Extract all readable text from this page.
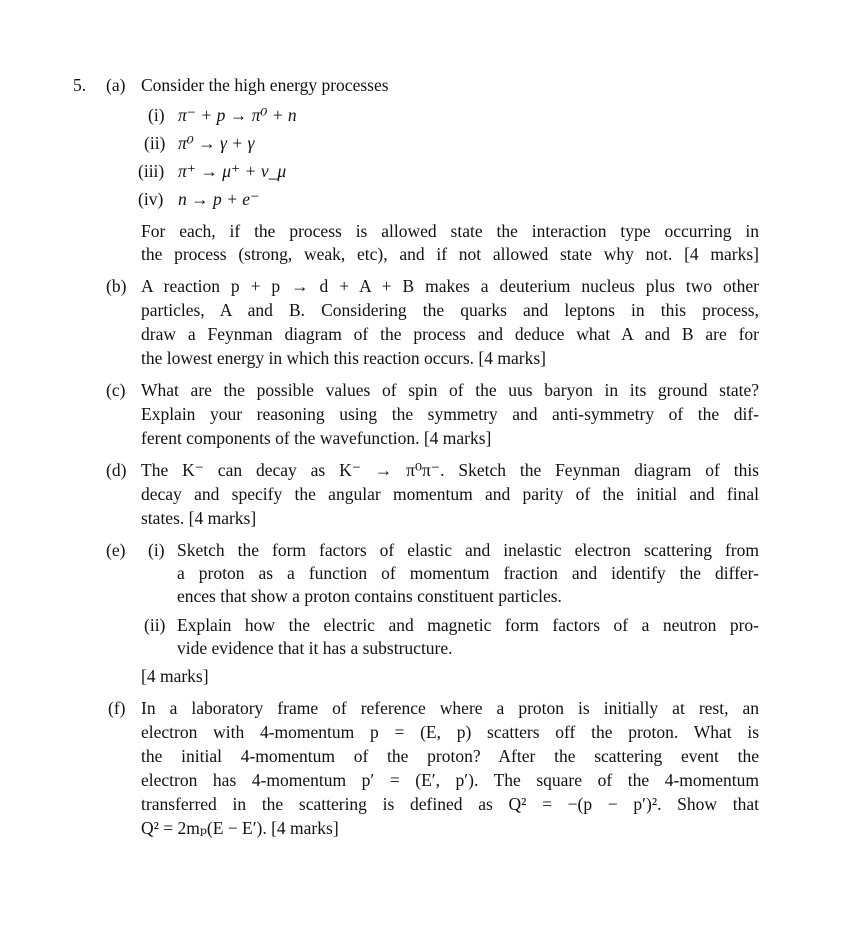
5. (a) Consider the high energy processes
(i) π⁻ + p → π⁰ + n
(ii) π⁰ → γ + γ
(iii) π⁺ → μ⁺ + ν_μ
(iv) n → p + e⁻
For each, if the process is allowed state the interaction type occurring in
the process (strong, weak, etc), and if not allowed state why not. [4 marks]
(b) A reaction p + p → d + A + B makes a deuterium nucleus plus two other
particles, A and B. Considering the quarks and leptons in this process,
draw a Feynman diagram of the process and deduce what A and B are for
the lowest energy in which this reaction occurs. [4 marks]
(c) What are the possible values of spin of the uus baryon in its ground state?
Explain your reasoning using the symmetry and anti-symmetry of the dif-
ferent components of the wavefunction. [4 marks]
(d) The K⁻ can decay as K⁻ → π⁰π⁻. Sketch the Feynman diagram of this
decay and specify the angular momentum and parity of the initial and final
states. [4 marks]
(e) (i) Sketch the form factors of elastic and inelastic electron scattering from
a proton as a function of momentum fraction and identify the differ-
ences that show a proton contains constituent particles.
(ii) Explain how the electric and magnetic form factors of a neutron pro-
vide evidence that it has a substructure.
[4 marks]
(f) In a laboratory frame of reference where a proton is initially at rest, an
electron with 4-momentum p = (E, p) scatters off the proton. What is
the initial 4-momentum of the proton? After the scattering event the
electron has 4-momentum p′ = (E′, p′). The square of the 4-momentum
transferred in the scattering is defined as Q² = −(p − p′)². Show that
Q² = 2mₚ(E − E′). [4 marks]
